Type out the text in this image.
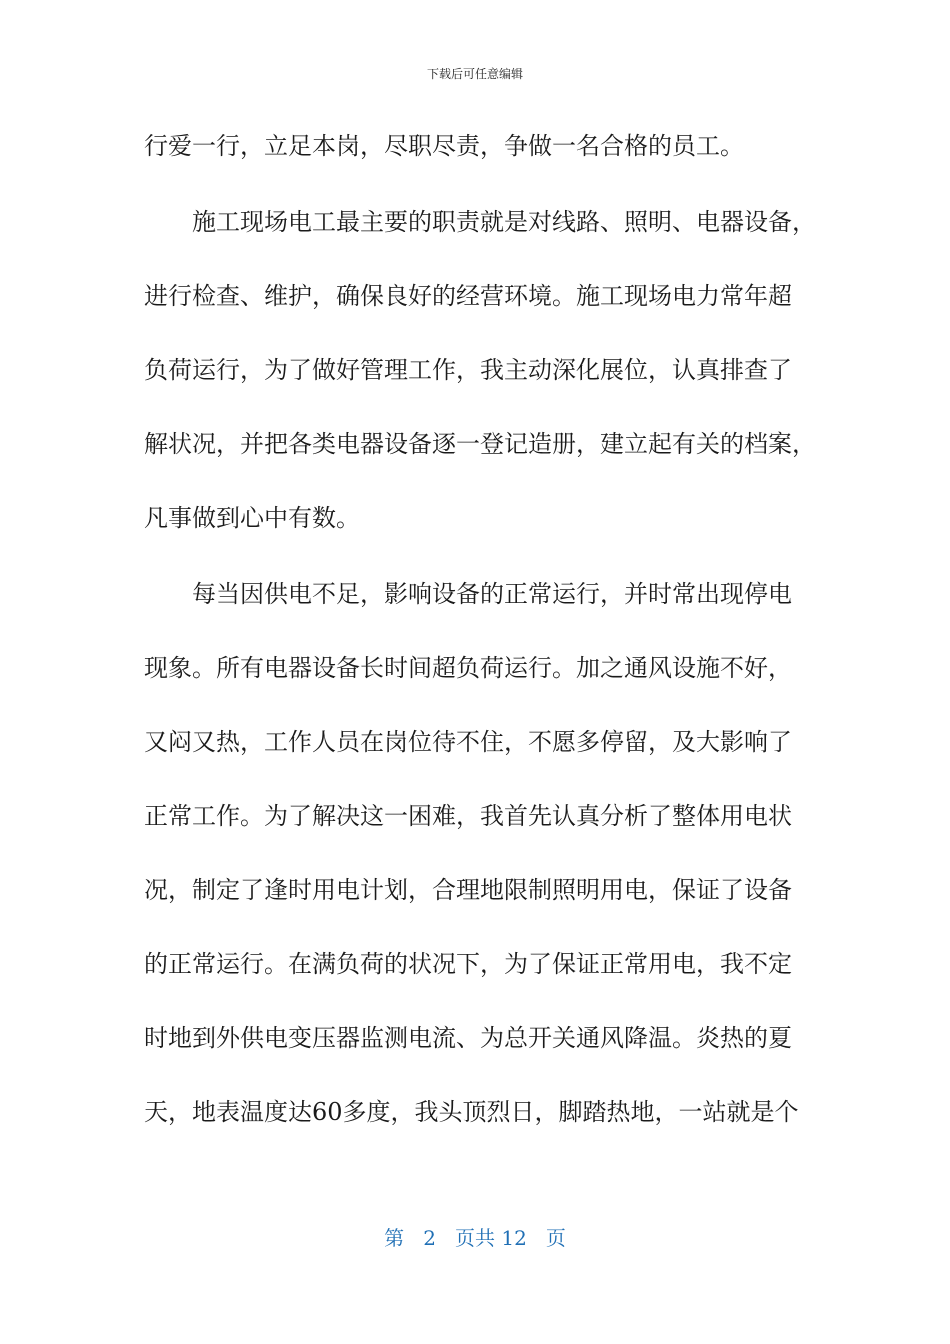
下载后可任意编辑
行爱一行，立足本岗，尽职尽责，争做一名合格的员工。
施工现场电工最主要的职责就是对线路、照明、电器设备，
进行检查、维护，确保良好的经营环境。施工现场电力常年超
负荷运行，为了做好管理工作，我主动深化展位，认真排查了
解状况，并把各类电器设备逐一登记造册，建立起有关的档案，
凡事做到心中有数。
每当因供电不足，影响设备的正常运行，并时常出现停电
现象。所有电器设备长时间超负荷运行。加之通风设施不好，
又闷又热，工作人员在岗位待不住，不愿多停留，及大影响了
正常工作。为了解决这一困难，我首先认真分析了整体用电状
况，制定了逢时用电计划，合理地限制照明用电，保证了设备
的正常运行。在满负荷的状况下，为了保证正常用电，我不定
时地到外供电变压器监测电流、为总开关通风降温。炎热的夏
天，地表温度达60多度，我头顶烈日，脚踏热地，一站就是个
第 2 页共 12 页
